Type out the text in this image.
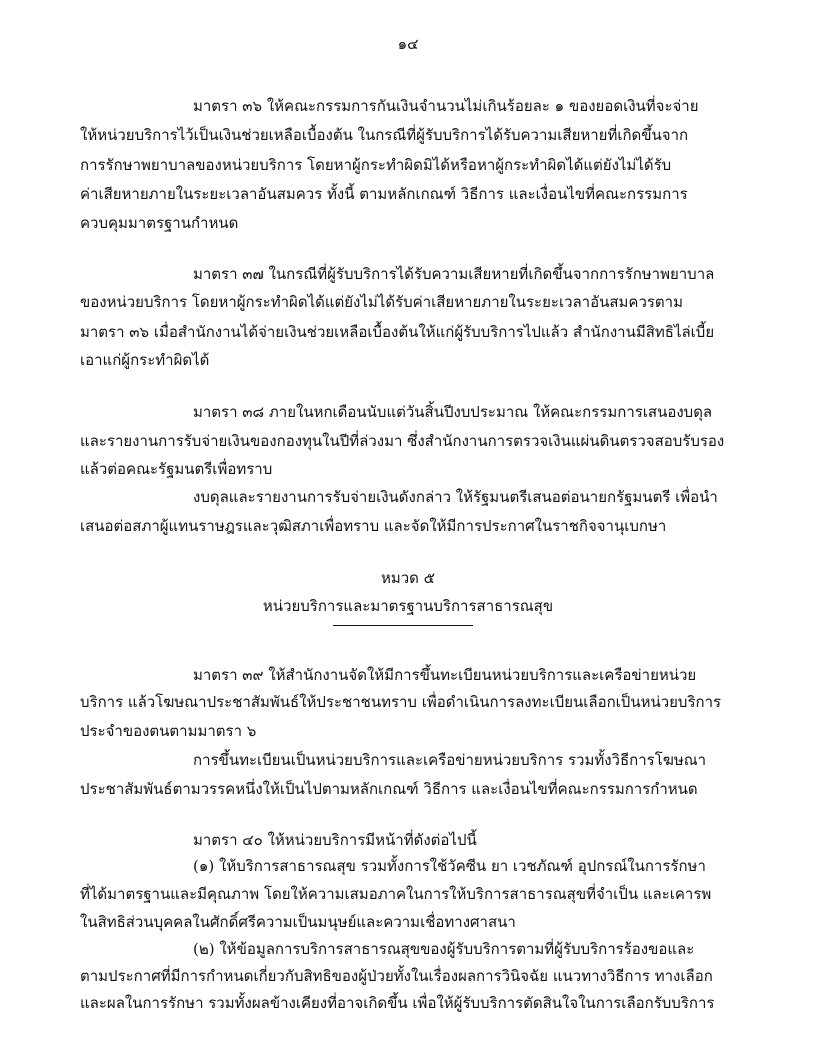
๑๔
มาตรา ๓๖ ให้คณะกรรมการกันเงินจำนวนไม่เกินร้อยละ ๑ ของยอดเงินที่จะจ่าย
ให้หน่วยบริการไว้เป็นเงินช่วยเหลือเบื้องต้น ในกรณีที่ผู้รับบริการได้รับความเสียหายที่เกิดขึ้นจาก
การรักษาพยาบาลของหน่วยบริการ โดยหาผู้กระทำผิดมิได้หรือหาผู้กระทำผิดได้แต่ยังไม่ได้รับ
ค่าเสียหายภายในระยะเวลาอันสมควร ทั้งนี้ ตามหลักเกณฑ์ วิธีการ และเงื่อนไขที่คณะกรรมการ
ควบคุมมาตรฐานกำหนด
มาตรา ๓๗ ในกรณีที่ผู้รับบริการได้รับความเสียหายที่เกิดขึ้นจากการรักษาพยาบาล
ของหน่วยบริการ โดยหาผู้กระทำผิดได้แต่ยังไม่ได้รับค่าเสียหายภายในระยะเวลาอันสมควรตาม
มาตรา ๓๖ เมื่อสำนักงานได้จ่ายเงินช่วยเหลือเบื้องต้นให้แก่ผู้รับบริการไปแล้ว สำนักงานมีสิทธิไล่เบี้ย
เอาแก่ผู้กระทำผิดได้
มาตรา ๓๘ ภายในหกเดือนนับแต่วันสิ้นปีงบประมาณ ให้คณะกรรมการเสนองบดุล
และรายงานการรับจ่ายเงินของกองทุนในปีที่ล่วงมา ซึ่งสำนักงานการตรวจเงินแผ่นดินตรวจสอบรับรอง
แล้วต่อคณะรัฐมนตรีเพื่อทราบ
งบดุลและรายงานการรับจ่ายเงินดังกล่าว ให้รัฐมนตรีเสนอต่อนายกรัฐมนตรี เพื่อนำ
เสนอต่อสภาผู้แทนราษฎรและวุฒิสภาเพื่อทราบ และจัดให้มีการประกาศในราชกิจจานุเบกษา
หมวด ๕
หน่วยบริการและมาตรฐานบริการสาธารณสุข
มาตรา ๓๙ ให้สำนักงานจัดให้มีการขึ้นทะเบียนหน่วยบริการและเครือข่ายหน่วย
บริการ แล้วโฆษณาประชาสัมพันธ์ให้ประชาชนทราบ เพื่อดำเนินการลงทะเบียนเลือกเป็นหน่วยบริการ
ประจำของตนตามมาตรา ๖
การขึ้นทะเบียนเป็นหน่วยบริการและเครือข่ายหน่วยบริการ รวมทั้งวิธีการโฆษณา
ประชาสัมพันธ์ตามวรรคหนึ่งให้เป็นไปตามหลักเกณฑ์ วิธีการ และเงื่อนไขที่คณะกรรมการกำหนด
มาตรา ๔๐ ให้หน่วยบริการมีหน้าที่ดังต่อไปนี้
(๑) ให้บริการสาธารณสุข รวมทั้งการใช้วัคซีน ยา เวชภัณฑ์ อุปกรณ์ในการรักษา
ที่ได้มาตรฐานและมีคุณภาพ โดยให้ความเสมอภาคในการให้บริการสาธารณสุขที่จำเป็น และเคารพ
ในสิทธิส่วนบุคคลในศักดิ์ศรีความเป็นมนุษย์และความเชื่อทางศาสนา
(๒) ให้ข้อมูลการบริการสาธารณสุขของผู้รับบริการตามที่ผู้รับบริการร้องขอและ
ตามประกาศที่มีการกำหนดเกี่ยวกับสิทธิของผู้ป่วยทั้งในเรื่องผลการวินิจฉัย แนวทางวิธีการ ทางเลือก
และผลในการรักษา รวมทั้งผลข้างเคียงที่อาจเกิดขึ้น เพื่อให้ผู้รับบริการตัดสินใจในการเลือกรับบริการ
